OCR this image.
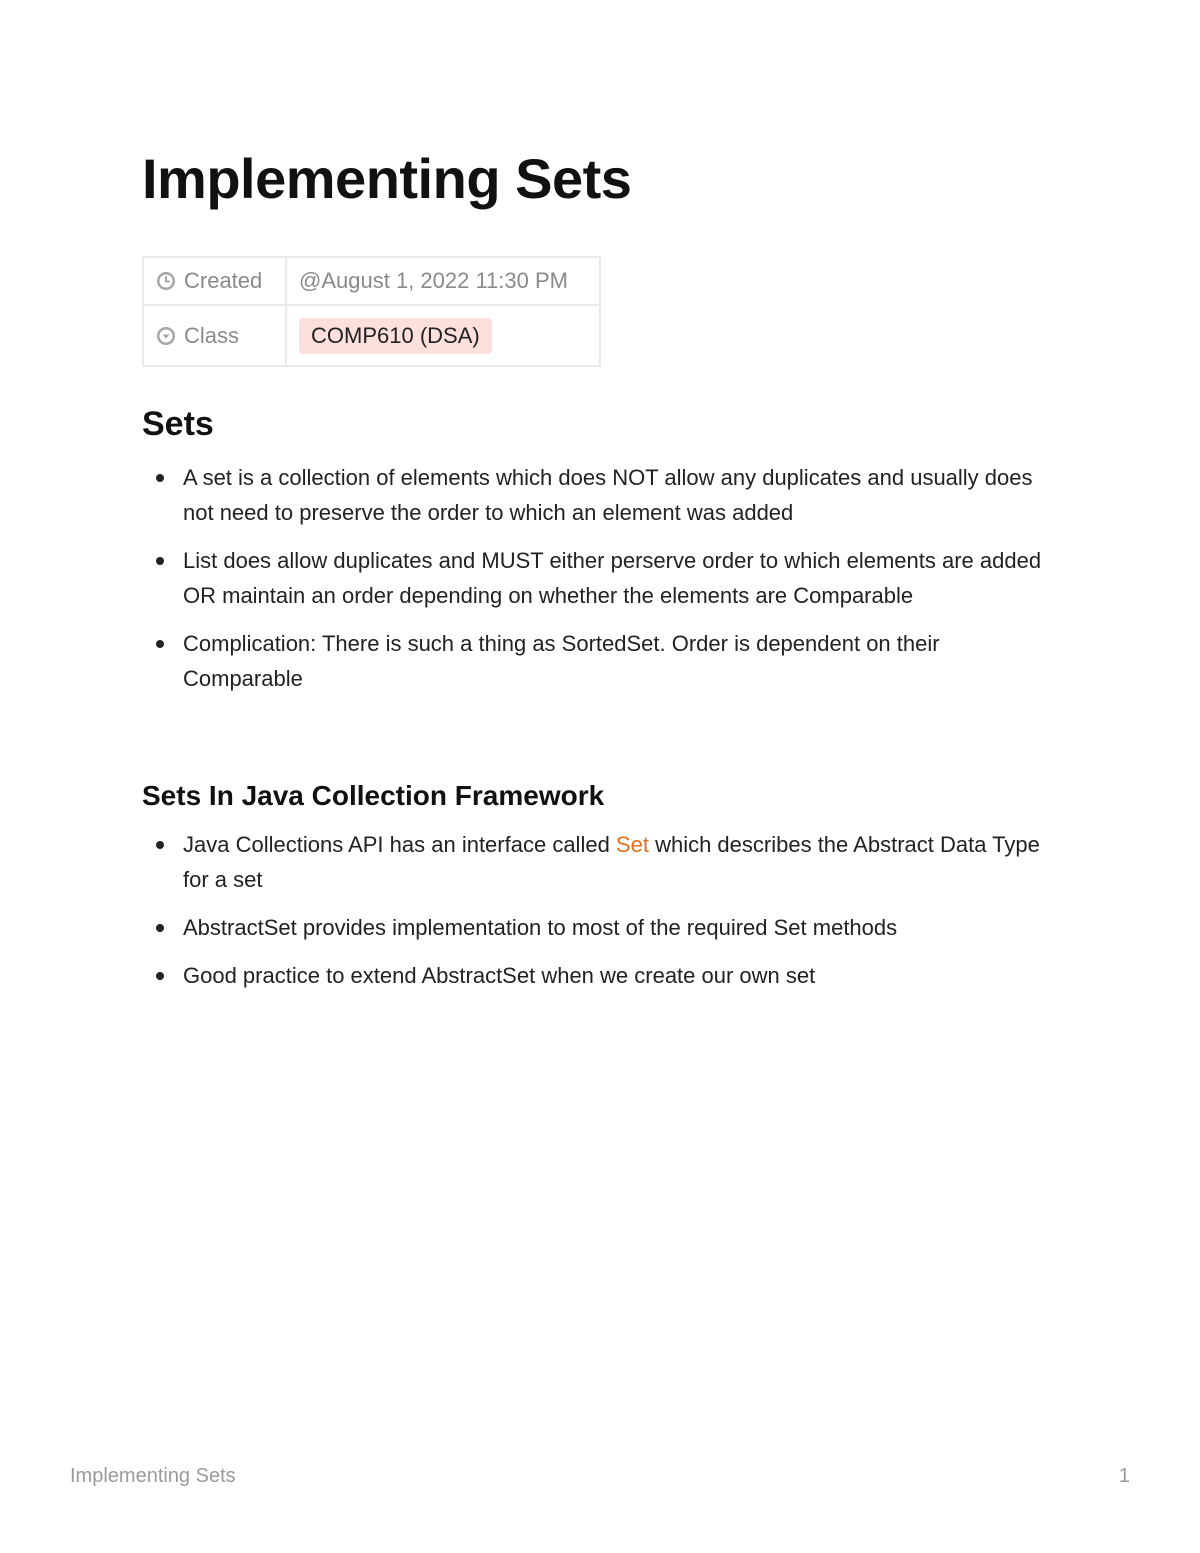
Implementing Sets
Created	@August 1, 2022 11:30 PM
Class	COMP610 (DSA)
Sets
A set is a collection of elements which does NOT allow any duplicates and usually does not need to preserve the order to which an element was added
List does allow duplicates and MUST either perserve order to which elements are added OR maintain an order depending on whether the elements are Comparable
Complication: There is such a thing as SortedSet. Order is dependent on their Comparable
Sets In Java Collection Framework
Java Collections API has an interface called Set which describes the Abstract Data Type for a set
AbstractSet provides implementation to most of the required Set methods
Good practice to extend AbstractSet when we create our own set
Implementing Sets	1
